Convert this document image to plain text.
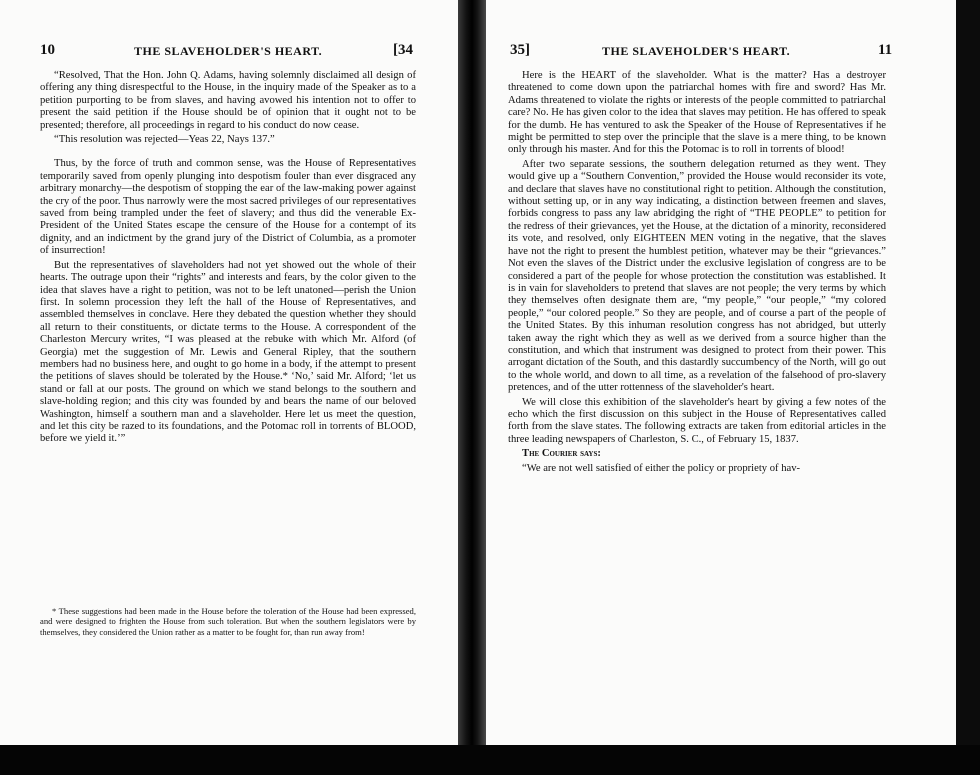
10	THE SLAVEHOLDER'S HEART.	[34

“Resolved, That the Hon. John Q. Adams, having solemnly disclaimed all design of offering any thing disrespectful to the House, in the inquiry made of the Speaker as to a petition purporting to be from slaves, and having avowed his intention not to offer to present the said petition if the House should be of opinion that it ought not to be presented; therefore, all proceedings in regard to his conduct do now cease.

“This resolution was rejected—Yeas 22, Nays 137.”

Thus, by the force of truth and common sense, was the House of Representatives temporarily saved from openly plunging into despotism fouler than ever disgraced any arbitrary monarchy—the despotism of stopping the ear of the law-making power against the cry of the poor. Thus narrowly were the most sacred privileges of our representatives saved from being trampled under the feet of slavery; and thus did the venerable Ex-President of the United States escape the censure of the House for a contempt of its dignity, and an indictment by the grand jury of the District of Columbia, as a promoter of insurrection!

But the representatives of slaveholders had not yet showed out the whole of their hearts. The outrage upon their “rights” and interests and fears, by the color given to the idea that slaves have a right to petition, was not to be left unatoned—perish the Union first. In solemn procession they left the hall of the House of Representatives, and assembled themselves in conclave. Here they debated the question whether they should all return to their constituents, or dictate terms to the House. A correspondent of the Charleston Mercury writes, “I was pleased at the rebuke with which Mr. Alford (of Georgia) met the suggestion of Mr. Lewis and General Ripley, that the southern members had no business here, and ought to go home in a body, if the attempt to present the petitions of slaves should be tolerated by the House.* ‘No,’ said Mr. Alford; ‘let us stand or fall at our posts. The ground on which we stand belongs to the southern and slave-holding region; and this city was founded by and bears the name of our beloved Washington, himself a southern man and a slaveholder. Here let us meet the question, and let this city be razed to its foundations, and the Potomac roll in torrents of BLOOD, before we yield it.’”

* These suggestions had been made in the House before the toleration of the House had been expressed, and were designed to frighten the House from such toleration. But when the southern legislators were by themselves, they considered the Union rather as a matter to be fought for, than run away from!

35]	THE SLAVEHOLDER'S HEART.	11

Here is the HEART of the slaveholder. What is the matter? Has a destroyer threatened to come down upon the patriarchal homes with fire and sword? Has Mr. Adams threatened to violate the rights or interests of the people committed to patriarchal care? No. He has given color to the idea that slaves may petition. He has offered to speak for the dumb. He has ventured to ask the Speaker of the House of Representatives if he might be permitted to step over the principle that the slave is a mere thing, to be known only through his master. And for this the Potomac is to roll in torrents of blood!

After two separate sessions, the southern delegation returned as they went. They would give up a “Southern Convention,” provided the House would reconsider its vote, and declare that slaves have no constitutional right to petition. Although the constitution, without setting up, or in any way indicating, a distinction between freemen and slaves, forbids congress to pass any law abridging the right of “THE PEOPLE” to petition for the redress of their grievances, yet the House, at the dictation of a minority, reconsidered its vote, and resolved, only EIGHTEEN MEN voting in the negative, that the slaves have not the right to present the humblest petition, whatever may be their “grievances.” Not even the slaves of the District under the exclusive legislation of congress are to be considered a part of the people for whose protection the constitution was established. It is in vain for slaveholders to pretend that slaves are not people; the very terms by which they themselves often designate them are, “my people,” “our people,” “my colored people,” “our colored people.” So they are people, and of course a part of the people of the United States. By this inhuman resolution congress has not abridged, but utterly taken away the right which they as well as we derived from a source higher than the constitution, and which that instrument was designed to protect from their power. This arrogant dictation of the South, and this dastardly succumbency of the North, will go out to the whole world, and down to all time, as a revelation of the falsehood of pro-slavery pretences, and of the utter rottenness of the slaveholder's heart.

We will close this exhibition of the slaveholder's heart by giving a few notes of the echo which the first discussion on this subject in the House of Representatives called forth from the slave states. The following extracts are taken from editorial articles in the three leading newspapers of Charleston, S. C., of February 15, 1837.

The Courier says:

“We are not well satisfied of either the policy or propriety of hav-
